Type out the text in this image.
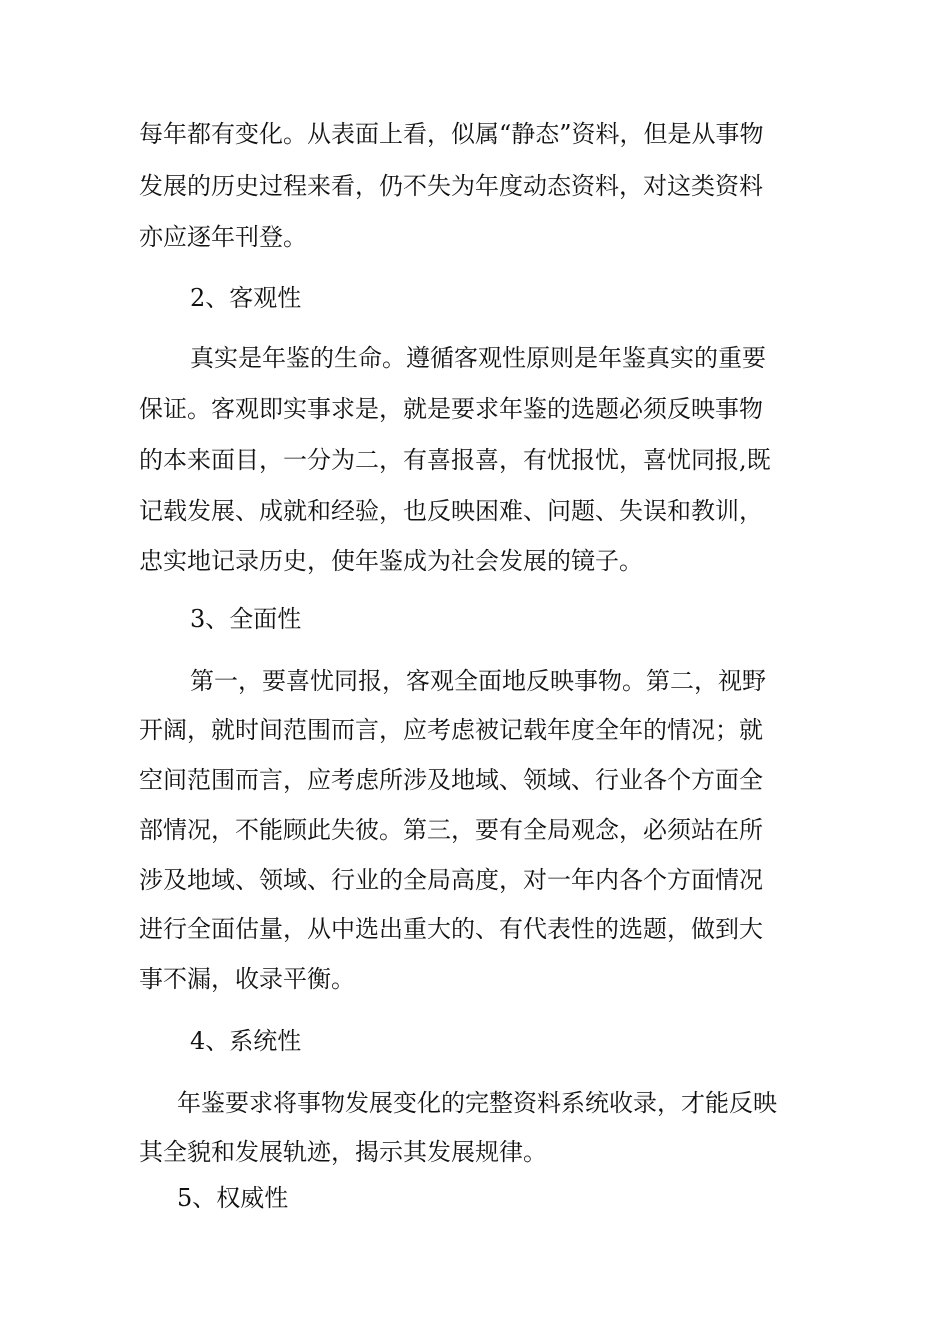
每年都有变化。从表面上看，似属“静态”资料，但是从事物

发展的历史过程来看，仍不失为年度动态资料，对这类资料

亦应逐年刊登。

2、客观性

真实是年鉴的生命。遵循客观性原则是年鉴真实的重要

保证。客观即实事求是，就是要求年鉴的选题必须反映事物

的本来面目，一分为二，有喜报喜，有忧报忧，喜忧同报,既

记载发展、成就和经验，也反映困难、问题、失误和教训，

忠实地记录历史，使年鉴成为社会发展的镜子。

3、全面性

第一，要喜忧同报，客观全面地反映事物。第二，视野

开阔，就时间范围而言，应考虑被记载年度全年的情况；就

空间范围而言，应考虑所涉及地域、领域、行业各个方面全

部情况，不能顾此失彼。第三，要有全局观念，必须站在所

涉及地域、领域、行业的全局高度，对一年内各个方面情况

进行全面估量，从中选出重大的、有代表性的选题，做到大

事不漏，收录平衡。

4、系统性

年鉴要求将事物发展变化的完整资料系统收录，才能反映

其全貌和发展轨迹，揭示其发展规律。

5、权威性
